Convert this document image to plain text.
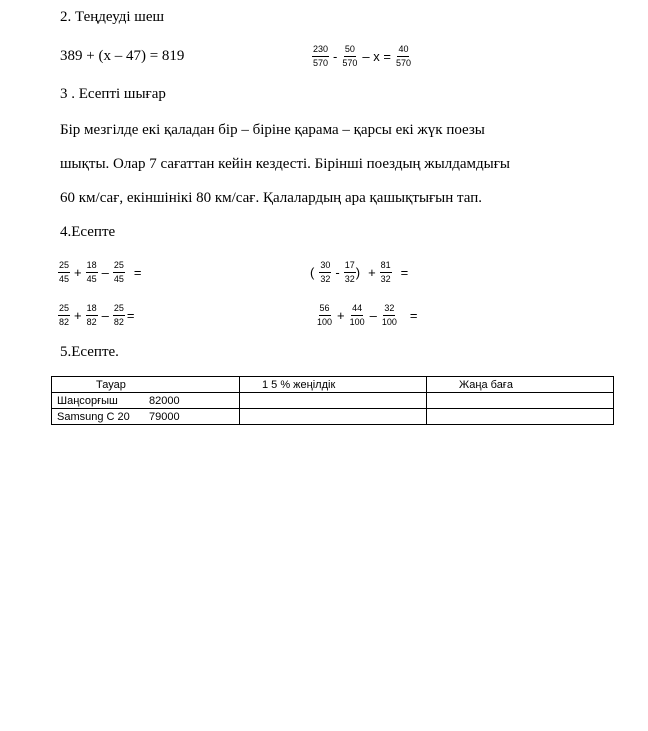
2. Теңдеуді шеш
389 + (x – 47) = 819	$\frac{230}{570} - \frac{50}{570} - x = \frac{40}{570}$
3 . Есепті шығар
Бір мезгілде екі қаладан бір – біріне қарама – қарсы екі жүк поезы
шықты. Олар 7 сағаттан кейін кездесті. Бірінші поездың жылдамдығы
60 км/сағ, екіншінікі 80 км/сағ. Қалалардың ара қашықтығын тап.
4.Есепте
$\frac{25}{45} + \frac{18}{45} - \frac{25}{45}$ =	( $\frac{30}{32} - \frac{17}{32}$ ) + $\frac{81}{32}$ =
$\frac{25}{82} + \frac{18}{82} - \frac{25}{82}$ =	$\frac{56}{100} + \frac{44}{100} - \frac{32}{100}$ =
5.Есепте.
Тауар	1 5 % жеңілдік	Жаңа баға
Шаңсорғыш 82000		
Samsung C 20 79000		
